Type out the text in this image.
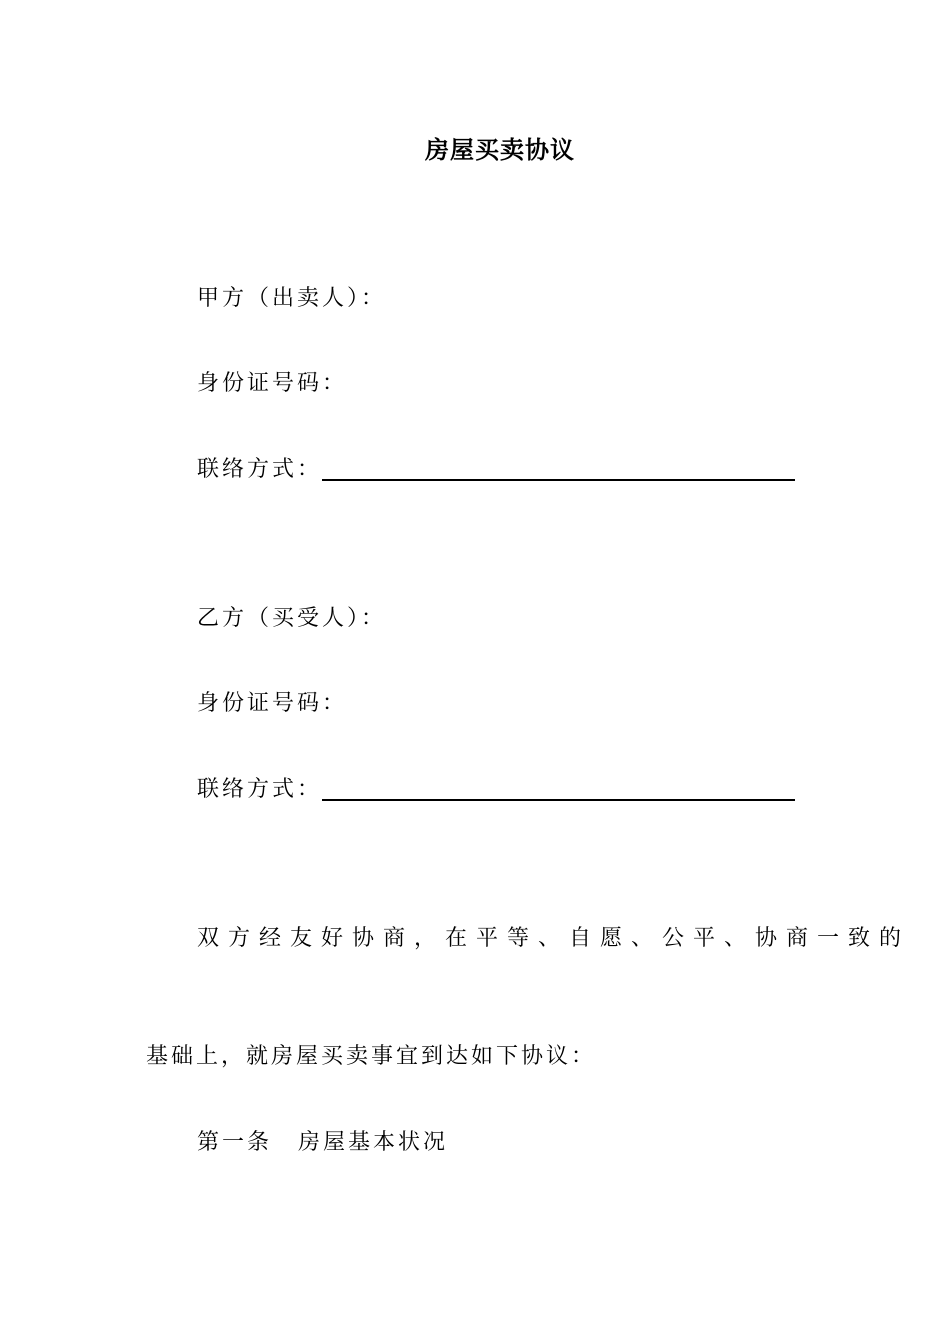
房屋买卖协议
甲方（出卖人）：
身份证号码：
联络方式：
乙方（买受人）：
身份证号码：
联络方式：
双方经友好协商，在平等、自愿、公平、协商一致的
基础上，就房屋买卖事宜到达如下协议：
第一条 房屋基本状况
